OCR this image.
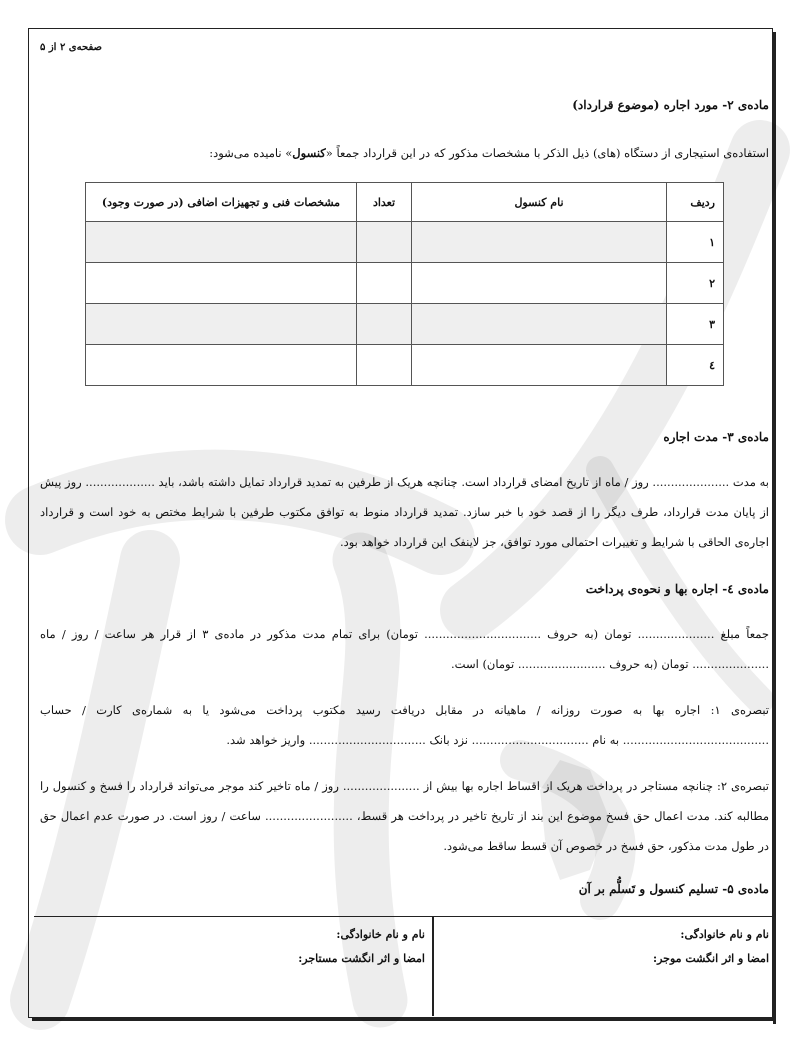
صفحه‌ی ۲ از ۵
ماده‌ی ۲- مورد اجاره (موضوع قرارداد)
استفاده‌ی استیجاری از دستگاه (های) ذیل الذکر با مشخصات مذکور که در این قرارداد جمعاً «کنسول» نامیده می‌شود:
ردیف	نام کنسول	تعداد	مشخصات فنی و تجهیزات اضافی (در صورت وجود)
۱			
۲			
۳			
٤			
ماده‌ی ۳- مدت اجاره
به مدت ..................... روز / ماه از تاریخ امضای قرارداد است. چنانچه هریک از طرفین به تمدید قرارداد تمایل داشته باشد، باید ................... روز پیش از پایان مدت قرارداد، طرف دیگر را از قصد خود با خبر سازد. تمدید قرارداد منوط به توافق مکتوب طرفین با شرایط مختص به خود است و قرارداد اجاره‌ی الحاقی با شرایط و تغییرات احتمالی مورد توافق، جز لاینفک این قرارداد خواهد بود.
ماده‌ی ٤- اجاره بها و نحوه‌ی پرداخت
جمعاً مبلغ ..................... تومان (به حروف ................................ تومان) برای تمام مدت مذکور در ماده‌ی ۳ از قرار هر ساعت / روز / ماه ..................... تومان (به حروف ........................ تومان) است.
تبصره‌ی ۱: اجاره بها به صورت روزانه / ماهیانه در مقابل دریافت رسید مکتوب پرداخت می‌شود یا به شماره‌ی کارت / حساب ........................................ به نام ................................ نزد بانک ................................ واریز خواهد شد.
تبصره‌ی ۲: چنانچه مستاجر در پرداخت هریک از اقساط اجاره بها بیش از ..................... روز / ماه تاخیر کند موجر می‌تواند قرارداد را فسخ و کنسول را مطالبه کند. مدت اعمال حق فسخ موضوع این بند از تاریخ تاخیر در پرداخت هر قسط، ........................ ساعت / روز است. در صورت عدم اعمال حق در طول مدت مذکور، حق فسخ در خصوص آن قسط ساقط می‌شود.
ماده‌ی ۵- تسلیم کنسول و تَسلُّم بر آن
نام و نام خانوادگی:
امضا و اثر انگشت موجر:
نام و نام خانوادگی:
امضا و اثر انگشت مستاجر:
